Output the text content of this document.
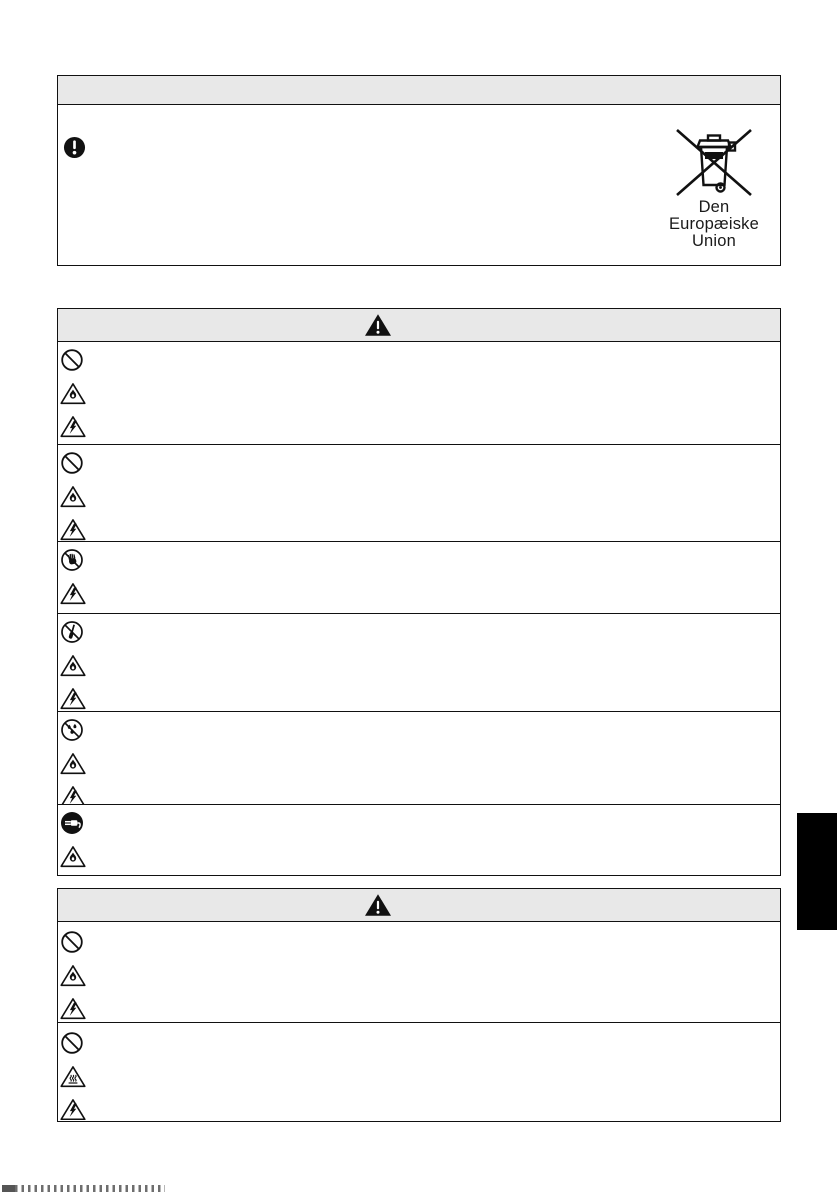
Den Europæiske
Union
